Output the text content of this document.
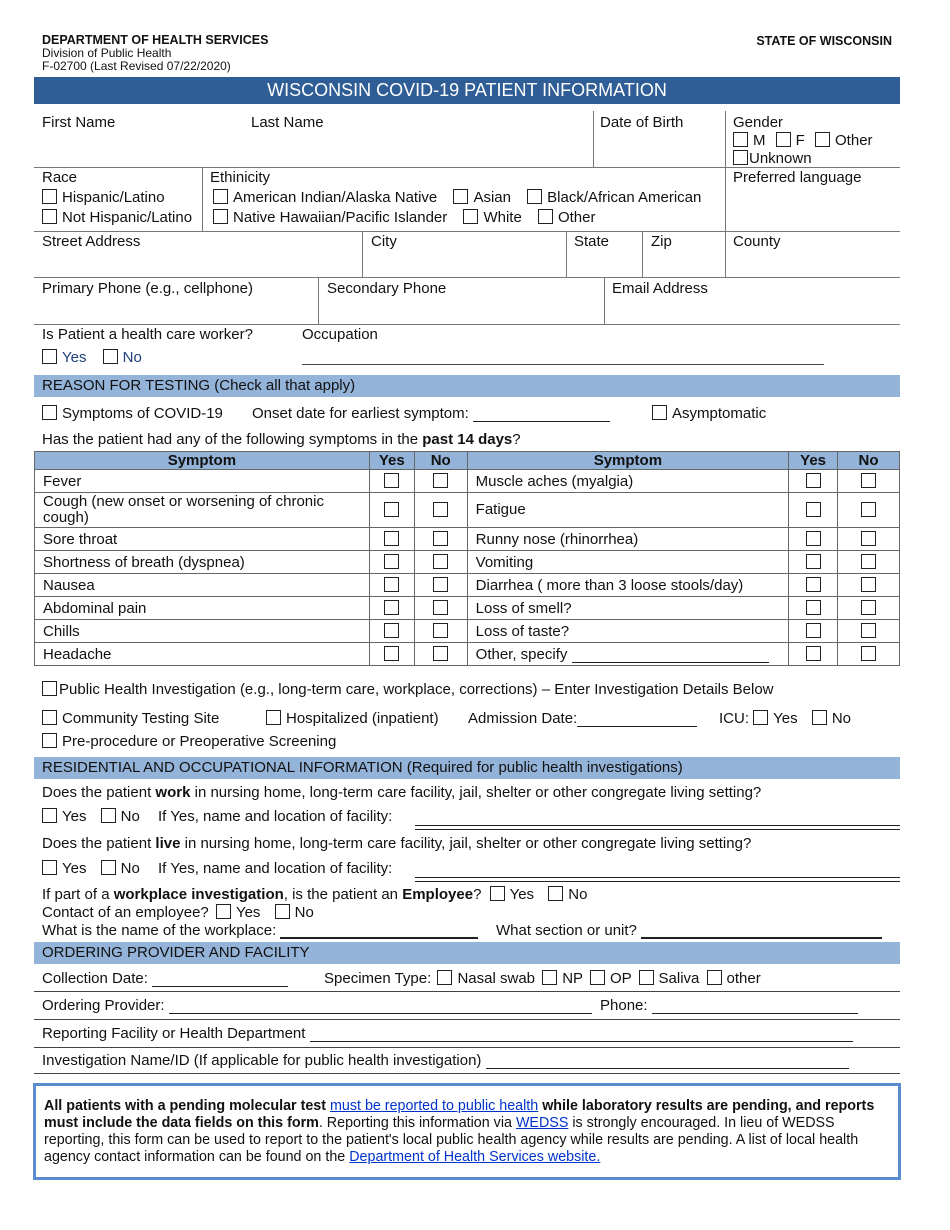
DEPARTMENT OF HEALTH SERVICES
Division of Public Health
F-02700 (Last Revised 07/22/2020)
STATE OF WISCONSIN
WISCONSIN COVID-19 PATIENT INFORMATION
First Name	Last Name	Date of Birth	Gender
M F Other
Unknown
Race
Hispanic/Latino
Not Hispanic/Latino
Ethinicity
American Indian/Alaska Native Asian Black/African American
Native Hawaiian/Pacific Islander White Other
Preferred language
Street Address	City	State	Zip	County
Primary Phone (e.g., cellphone)	Secondary Phone	Email Address
Is Patient a health care worker?	Occupation
Yes No
REASON FOR TESTING (Check all that apply)
Symptoms of COVID-19 Onset date for earliest symptom:	Asymptomatic
Has the patient had any of the following symptoms in the past 14 days?
Symptom	Yes	No	Symptom	Yes	No
Fever			Muscle aches (myalgia)		
Cough (new onset or worsening of chronic cough)			Fatigue		
Sore throat			Runny nose (rhinorrhea)		
Shortness of breath (dyspnea)			Vomiting		
Nausea			Diarrhea ( more than 3 loose stools/day)		
Abdominal pain			Loss of smell?		
Chills			Loss of taste?		
Headache			Other, specify		
Public Health Investigation (e.g., long-term care, workplace, corrections) – Enter Investigation Details Below
Community Testing Site	Hospitalized (inpatient) Admission Date:	ICU: Yes No
Pre-procedure or Preoperative Screening
RESIDENTIAL AND OCCUPATIONAL INFORMATION (Required for public health investigations)
Does the patient work in nursing home, long-term care facility, jail, shelter or other congregate living setting?
Yes No If Yes, name and location of facility:
Does the patient live in nursing home, long-term care facility, jail, shelter or other congregate living setting?
Yes No If Yes, name and location of facility:
If part of a workplace investigation, is the patient an Employee? Yes No
Contact of an employee? Yes No
What is the name of the workplace:	What section or unit?
ORDERING PROVIDER AND FACILITY
Collection Date:	Specimen Type: Nasal swab NP OP Saliva other
Ordering Provider:	Phone:
Reporting Facility or Health Department
Investigation Name/ID (If applicable for public health investigation)
All patients with a pending molecular test must be reported to public health while laboratory results are pending, and reports must include the data fields on this form. Reporting this information via WEDSS is strongly encouraged. In lieu of WEDSS reporting, this form can be used to report to the patient's local public health agency while results are pending. A list of local health agency contact information can be found on the Department of Health Services website.
